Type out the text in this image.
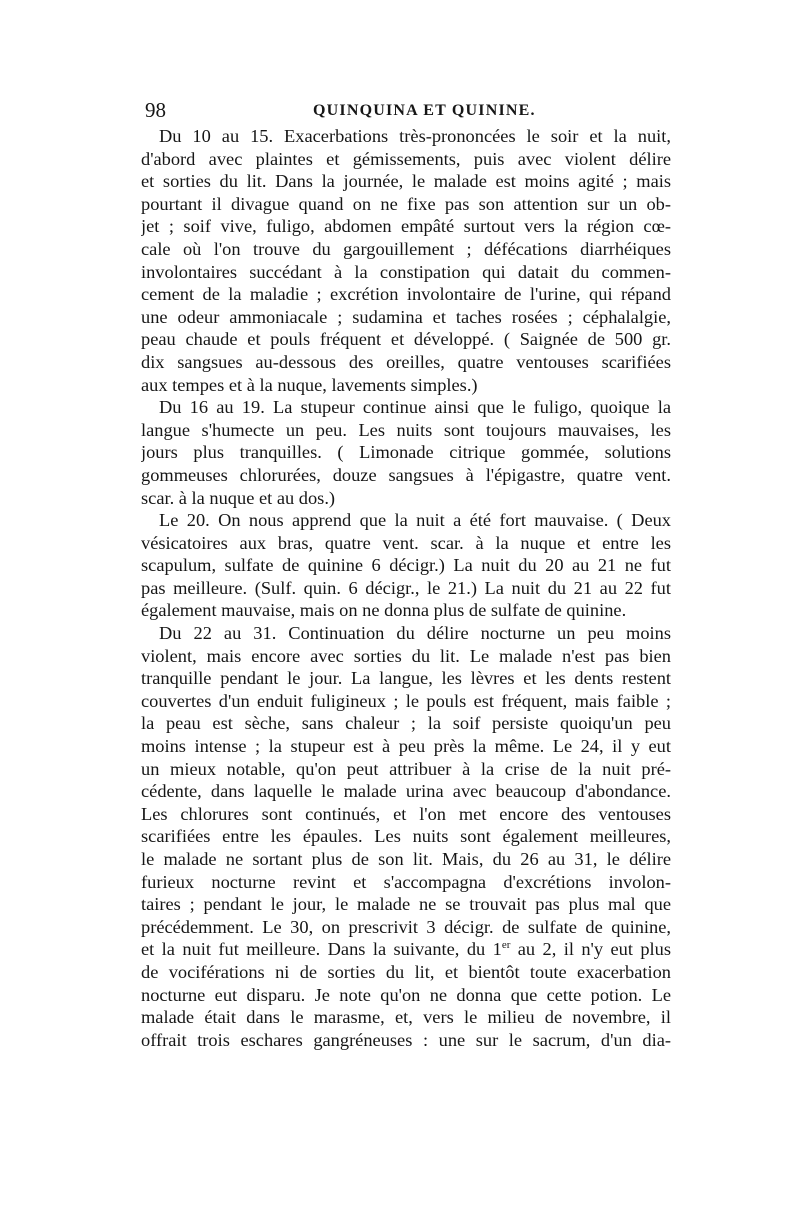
98	QUINQUINA ET QUININE.
Du 10 au 15. Exacerbations très-prononcées le soir et la nuit,
d'abord avec plaintes et gémissements, puis avec violent délire
et sorties du lit. Dans la journée, le malade est moins agité ; mais
pourtant il divague quand on ne fixe pas son attention sur un ob-
jet ; soif vive, fuligo, abdomen empâté surtout vers la région cœ-
cale où l'on trouve du gargouillement ; défécations diarrhéiques
involontaires succédant à la constipation qui datait du commen-
cement de la maladie ; excrétion involontaire de l'urine, qui répand
une odeur ammoniacale ; sudamina et taches rosées ; céphalalgie,
peau chaude et pouls fréquent et développé. ( Saignée de 500 gr.
dix sangsues au-dessous des oreilles, quatre ventouses scarifiées
aux tempes et à la nuque, lavements simples.)
Du 16 au 19. La stupeur continue ainsi que le fuligo, quoique la
langue s'humecte un peu. Les nuits sont toujours mauvaises, les
jours plus tranquilles. ( Limonade citrique gommée, solutions
gommeuses chlorurées, douze sangsues à l'épigastre, quatre vent.
scar. à la nuque et au dos.)
Le 20. On nous apprend que la nuit a été fort mauvaise. ( Deux
vésicatoires aux bras, quatre vent. scar. à la nuque et entre les
scapulum, sulfate de quinine 6 décigr.) La nuit du 20 au 21 ne fut
pas meilleure. (Sulf. quin. 6 décigr., le 21.) La nuit du 21 au 22 fut
également mauvaise, mais on ne donna plus de sulfate de quinine.
Du 22 au 31. Continuation du délire nocturne un peu moins
violent, mais encore avec sorties du lit. Le malade n'est pas bien
tranquille pendant le jour. La langue, les lèvres et les dents restent
couvertes d'un enduit fuligineux ; le pouls est fréquent, mais faible ;
la peau est sèche, sans chaleur ; la soif persiste quoiqu'un peu
moins intense ; la stupeur est à peu près la même. Le 24, il y eut
un mieux notable, qu'on peut attribuer à la crise de la nuit pré-
cédente, dans laquelle le malade urina avec beaucoup d'abondance.
Les chlorures sont continués, et l'on met encore des ventouses
scarifiées entre les épaules. Les nuits sont également meilleures,
le malade ne sortant plus de son lit. Mais, du 26 au 31, le délire
furieux nocturne revint et s'accompagna d'excrétions involon-
taires ; pendant le jour, le malade ne se trouvait pas plus mal que
précédemment. Le 30, on prescrivit 3 décigr. de sulfate de quinine,
et la nuit fut meilleure. Dans la suivante, du 1er au 2, il n'y eut plus
de vociférations ni de sorties du lit, et bientôt toute exacerbation
nocturne eut disparu. Je note qu'on ne donna que cette potion. Le
malade était dans le marasme, et, vers le milieu de novembre, il
offrait trois eschares gangréneuses : une sur le sacrum, d'un dia-
